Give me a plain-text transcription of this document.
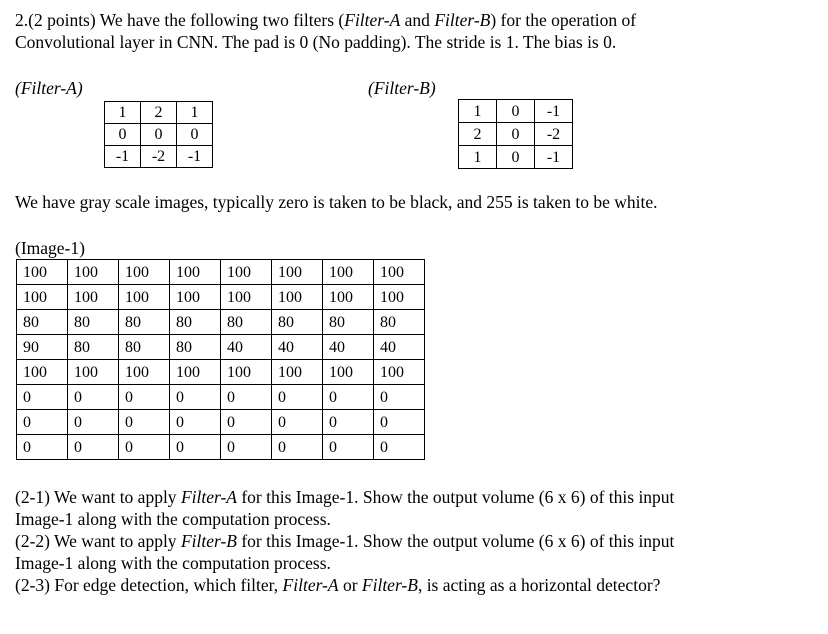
2.(2 points) We have the following two filters (Filter-A and Filter-B) for the operation of
Convolutional layer in CNN. The pad is 0 (No padding). The stride is 1. The bias is 0.
(Filter-A)	(Filter-B)
1	2	1
0	0	0
-1	-2	-1
1	0	-1
2	0	-2
1	0	-1
We have gray scale images, typically zero is taken to be black, and 255 is taken to be white.
(Image-1)
100	100	100	100	100	100	100	100
100	100	100	100	100	100	100	100
80	80	80	80	80	80	80	80
90	80	80	80	40	40	40	40
100	100	100	100	100	100	100	100
0	0	0	0	0	0	0	0
0	0	0	0	0	0	0	0
0	0	0	0	0	0	0	0
(2-1) We want to apply Filter-A for this Image-1. Show the output volume (6 x 6) of this input
Image-1 along with the computation process.
(2-2) We want to apply Filter-B for this Image-1. Show the output volume (6 x 6) of this input
Image-1 along with the computation process.
(2-3) For edge detection, which filter, Filter-A or Filter-B, is acting as a horizontal detector?
